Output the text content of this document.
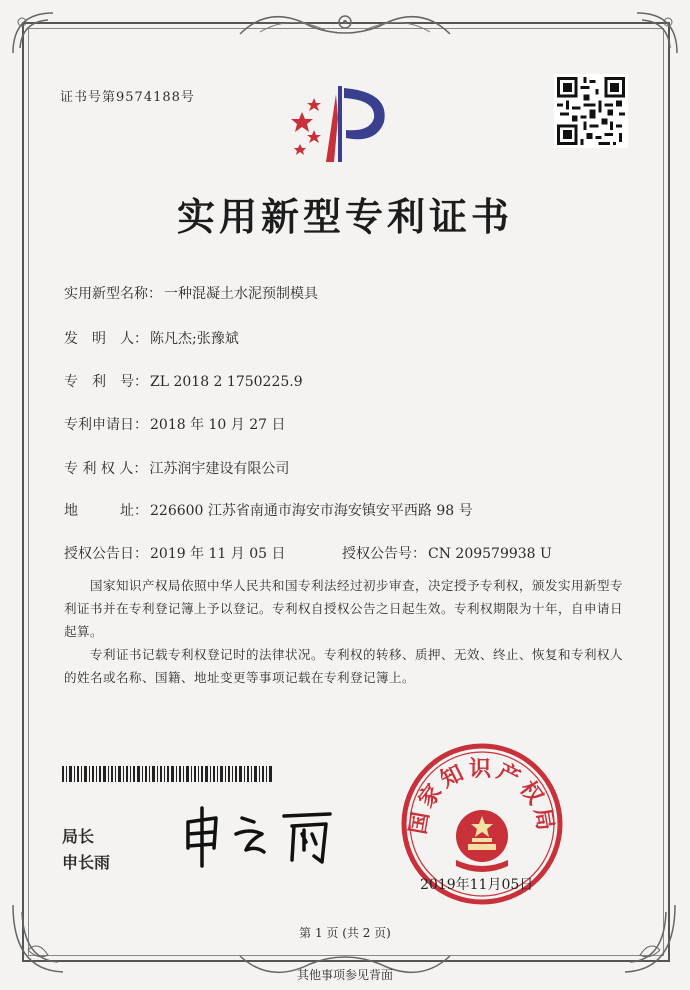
证书号第9574188号
实用新型专利证书
实用新型名称： 一种混凝土水泥预制模具
发　明　人： 陈凡杰;张豫斌
专　利　号： ZL 2018 2 1750225.9
专利申请日： 2018 年 10 月 27 日
专 利 权 人： 江苏润宇建设有限公司
地　　　址： 226600 江苏省南通市海安市海安镇安平西路 98 号
授权公告日： 2019 年 11 月 05 日	授权公告号： CN 209579938 U
　　国家知识产权局依照中华人民共和国专利法经过初步审查，决定授予专利权，颁发实用新型专利证书并在专利登记簿上予以登记。专利权自授权公告之日起生效。专利权期限为十年，自申请日起算。
　　专利证书记载专利权登记时的法律状况。专利权的转移、质押、无效、终止、恢复和专利权人的姓名或名称、国籍、地址变更等事项记载在专利登记簿上。
局长
申长雨
国家知识产权局
2019年11月05日
第 1 页 (共 2 页)
其他事项参见背面
